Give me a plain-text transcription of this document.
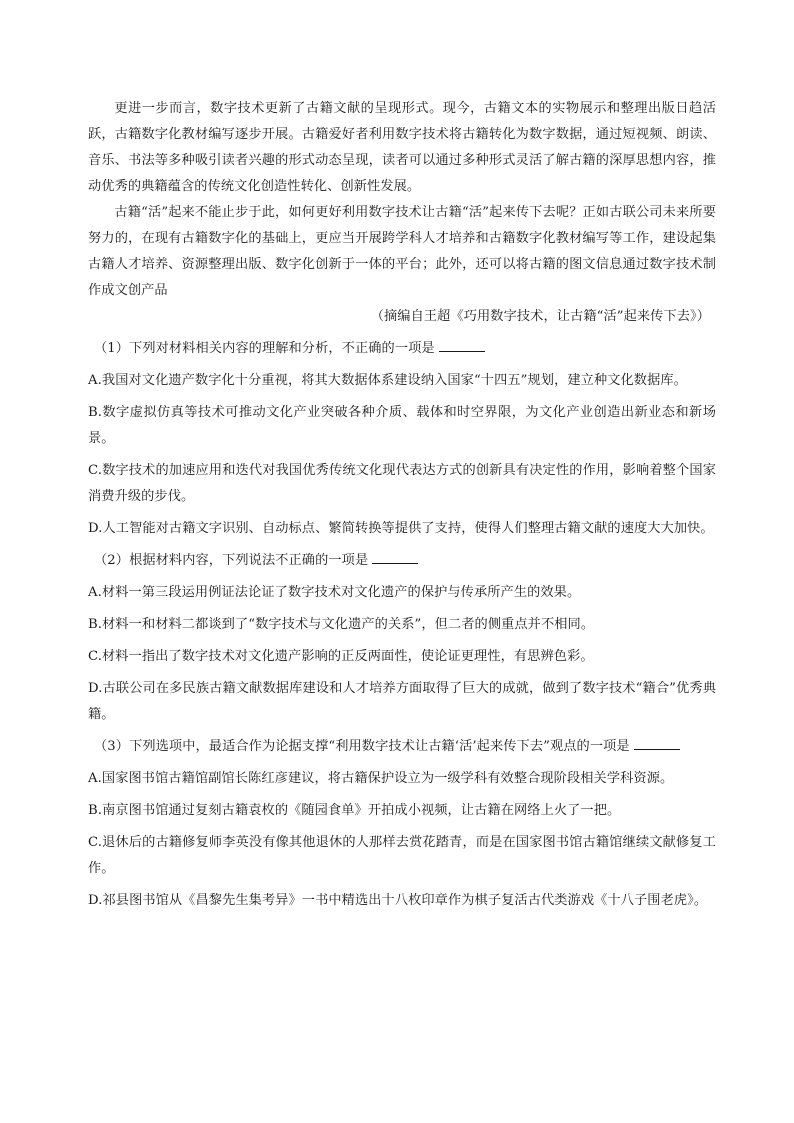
更进一步而言，数字技术更新了古籍文献的呈现形式。现今，古籍文本的实物展示和整理出版日趋活跃，古籍数字化教材编写逐步开展。古籍爱好者利用数字技术将古籍转化为数字数据，通过短视频、朗读、音乐、书法等多种吸引读者兴趣的形式动态呈现，读者可以通过多种形式灵活了解古籍的深厚思想内容，推动优秀的典籍蕴含的传统文化创造性转化、创新性发展。

古籍“活”起来不能止步于此，如何更好利用数字技术让古籍“活”起来传下去呢？正如古联公司未来所要努力的，在现有古籍数字化的基础上，更应当开展跨学科人才培养和古籍数字化教材编写等工作，建设起集古籍人才培养、资源整理出版、数字化创新于一体的平台；此外，还可以将古籍的图文信息通过数字技术制作成文创产品

（摘编自王超《巧用数字技术，让古籍“活”起来传下去》）

（1）下列对材料相关内容的理解和分析，不正确的一项是

A.我国对文化遗产数字化十分重视，将其大数据体系建设纳入国家“十四五”规划，建立种文化数据库。

B.数字虚拟仿真等技术可推动文化产业突破各种介质、载体和时空界限，为文化产业创造出新业态和新场景。

C.数字技术的加速应用和迭代对我国优秀传统文化现代表达方式的创新具有决定性的作用，影响着整个国家消费升级的步伐。

D.人工智能对古籍文字识别、自动标点、繁简转换等提供了支持，使得人们整理古籍文献的速度大大加快。

（2）根据材料内容，下列说法不正确的一项是

A.材料一第三段运用例证法论证了数字技术对文化遗产的保护与传承所产生的效果。

B.材料一和材料二都谈到了“数字技术与文化遗产的关系”，但二者的侧重点并不相同。

C.材料一指出了数字技术对文化遗产影响的正反两面性，使论证更理性，有思辨色彩。

D.古联公司在多民族古籍文献数据库建设和人才培养方面取得了巨大的成就，做到了数字技术“籍合”优秀典籍。

（3）下列选项中，最适合作为论据支撑“利用数字技术让古籍‘活’起来传下去”观点的一项是

A.国家图书馆古籍馆副馆长陈红彦建议，将古籍保护设立为一级学科有效整合现阶段相关学科资源。

B.南京图书馆通过复刻古籍袁枚的《随园食单》开拍成小视频，让古籍在网络上火了一把。

C.退休后的古籍修复师李英没有像其他退休的人那样去赏花踏青，而是在国家图书馆古籍馆继续文献修复工作。

D.祁县图书馆从《昌黎先生集考异》一书中精选出十八枚印章作为棋子复活古代类游戏《十八子围老虎》。
